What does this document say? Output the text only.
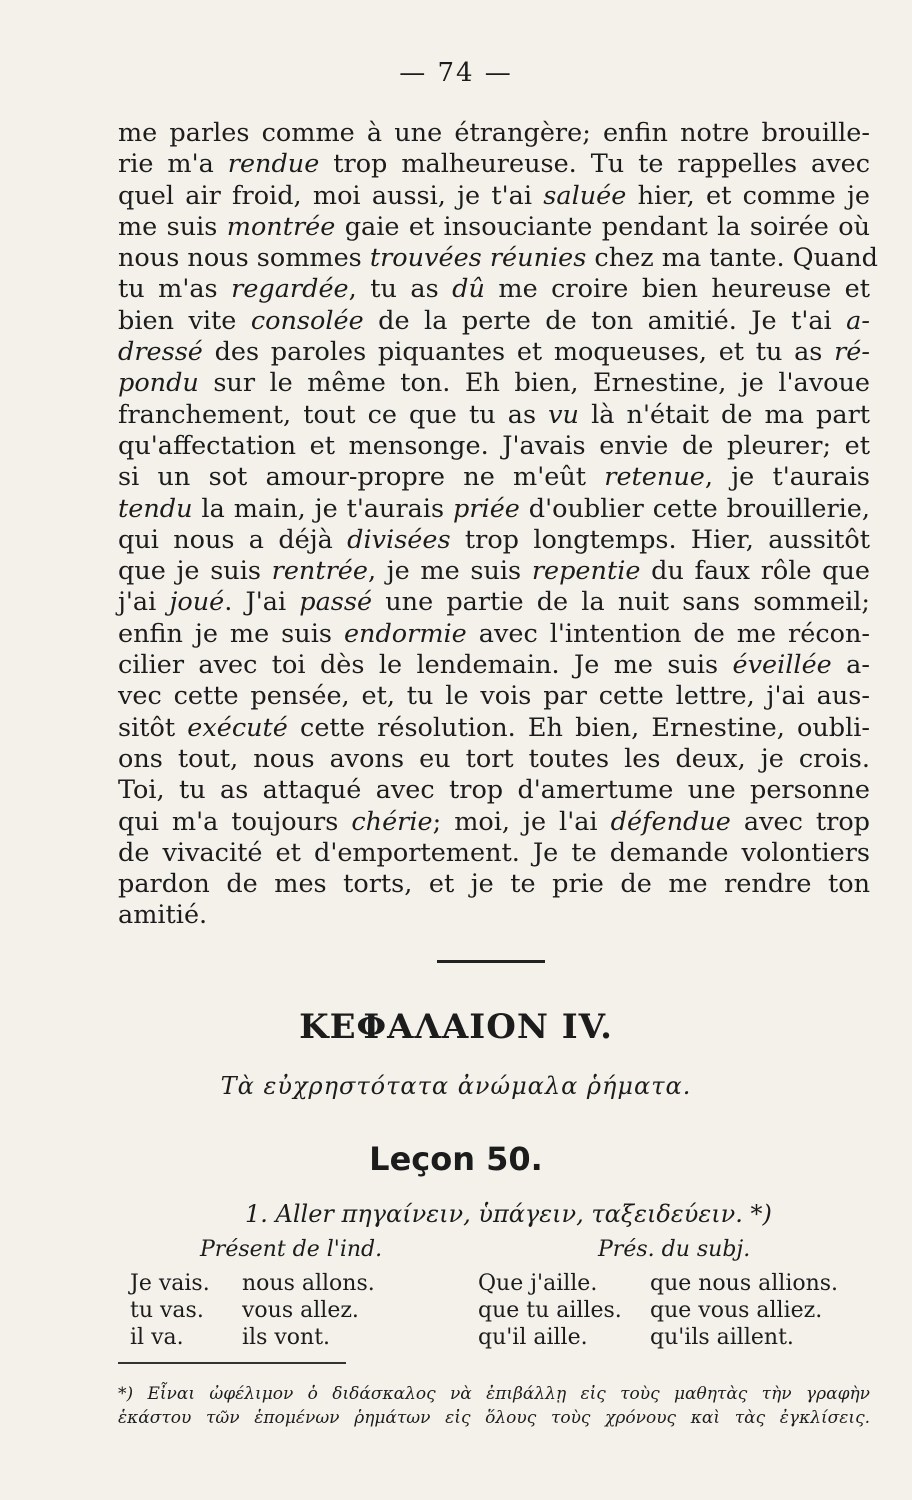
— 74 —
me parles comme à une étrangère; enfin notre brouille-
rie m'a rendue trop malheureuse. Tu te rappelles avec
quel air froid, moi aussi, je t'ai saluée hier, et comme je
me suis montrée gaie et insouciante pendant la soirée où
nous nous sommes trouvées réunies chez ma tante. Quand
tu m'as regardée, tu as dû me croire bien heureuse et
bien vite consolée de la perte de ton amitié. Je t'ai a-
dressé des paroles piquantes et moqueuses, et tu as ré-
pondu sur le même ton. Eh bien, Ernestine, je l'avoue
franchement, tout ce que tu as vu là n'était de ma part
qu'affectation et mensonge. J'avais envie de pleurer; et
si un sot amour-propre ne m'eût retenue, je t'aurais
tendu la main, je t'aurais priée d'oublier cette brouillerie,
qui nous a déjà divisées trop longtemps. Hier, aussitôt
que je suis rentrée, je me suis repentie du faux rôle que
j'ai joué. J'ai passé une partie de la nuit sans sommeil;
enfin je me suis endormie avec l'intention de me récon-
cilier avec toi dès le lendemain. Je me suis éveillée a-
vec cette pensée, et, tu le vois par cette lettre, j'ai aus-
sitôt exécuté cette résolution. Eh bien, Ernestine, oubli-
ons tout, nous avons eu tort toutes les deux, je crois.
Toi, tu as attaqué avec trop d'amertume une personne
qui m'a toujours chérie; moi, je l'ai défendue avec trop
de vivacité et d'emportement. Je te demande volontiers
pardon de mes torts, et je te prie de me rendre ton
amitié.
ΚΕΦΑΛΑΙΟΝ IV.
Τὰ εὐχρηστότατα ἀνώμαλα ῥήματα.
Leçon 50.
1. Aller πηγαίνειν, ὑπάγειν, ταξειδεύειν. *)
Présent de l'ind.	Prés. du subj.
Je vais.
tu vas.
il va.
nous allons.
vous allez.
ils vont.
Que j'aille.
que tu ailles.
qu'il aille.
que nous allions.
que vous alliez.
qu'ils aillent.
*) Εἶναι ὠφέλιμον ὁ διδάσκαλος νὰ ἐπιβάλλῃ εἰς τοὺς μαθητὰς τὴν γραφὴν
ἑκάστου τῶν ἑπομένων ῥημάτων εἰς ὅλους τοὺς χρόνους καὶ τὰς ἐγκλίσεις.
